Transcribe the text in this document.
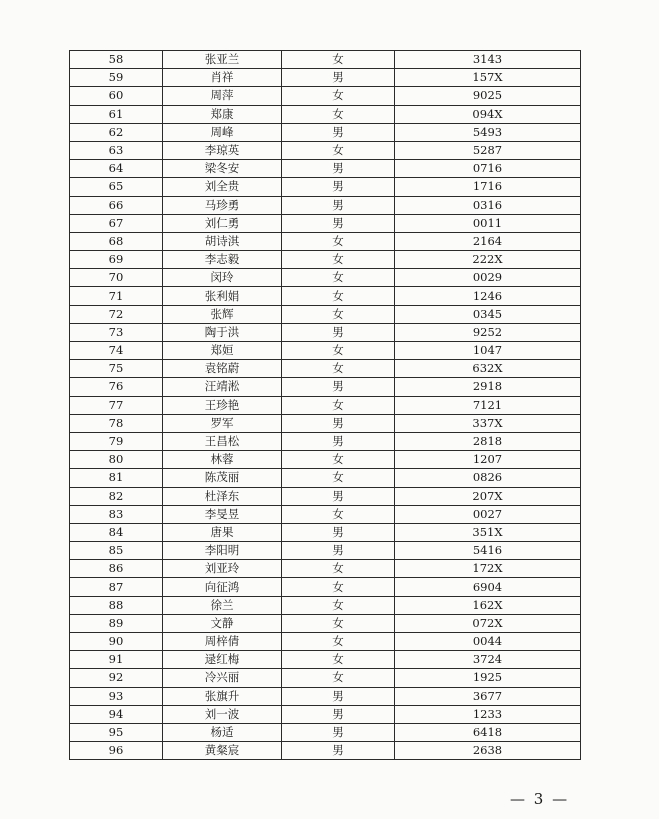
58	张亚兰	女	3143
59	肖祥	男	157X
60	周萍	女	9025
61	郑康	女	094X
62	周峰	男	5493
63	李琼英	女	5287
64	梁冬安	男	0716
65	刘全贵	男	1716
66	马珍勇	男	0316
67	刘仁勇	男	0011
68	胡诗淇	女	2164
69	李志毅	女	222X
70	闵玲	女	0029
71	张利娟	女	1246
72	张辉	女	0345
73	陶于洪	男	9252
74	郑姮	女	1047
75	袁铭蔚	女	632X
76	汪靖淞	男	2918
77	王珍艳	女	7121
78	罗军	男	337X
79	王昌松	男	2818
80	林蓉	女	1207
81	陈茂丽	女	0826
82	杜泽东	男	207X
83	李旻昱	女	0027
84	唐果	男	351X
85	李阳明	男	5416
86	刘亚玲	女	172X
87	向征鸿	女	6904
88	徐兰	女	162X
89	文静	女	072X
90	周梓倩	女	0044
91	逯红梅	女	3724
92	冷兴丽	女	1925
93	张旗升	男	3677
94	刘一波	男	1233
95	杨适	男	6418
96	黄粲宸	男	2638
— 3 —
